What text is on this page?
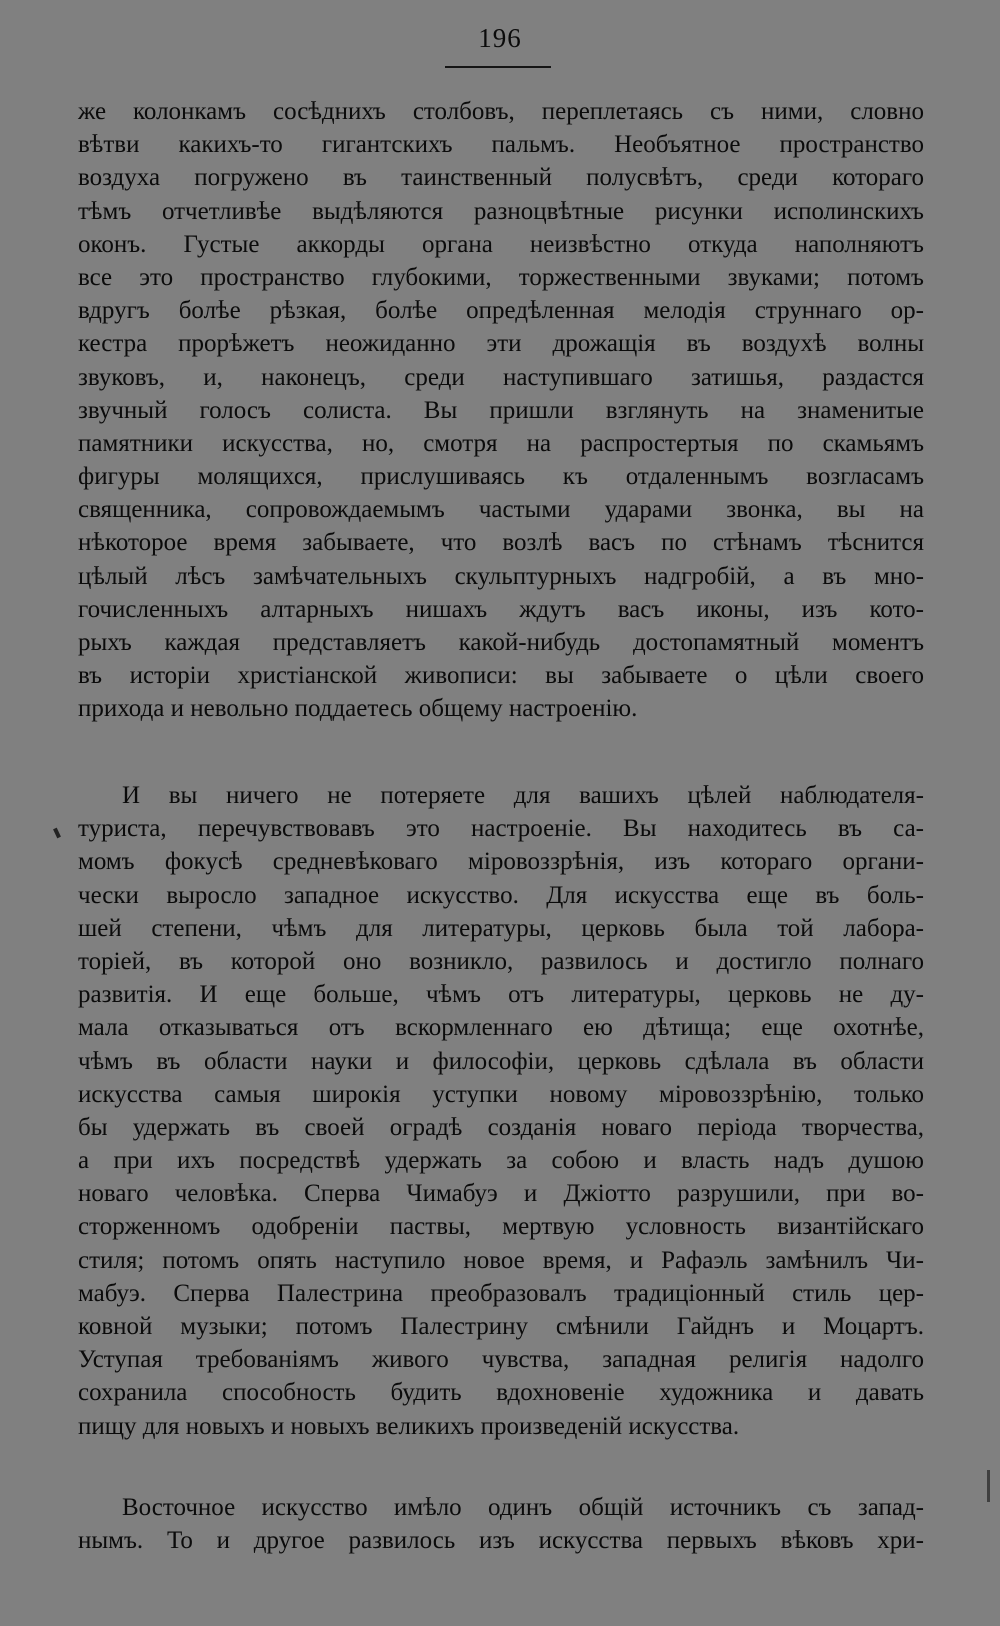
196
же колонкамъ сосѣднихъ столбовъ, переплетаясь съ ними, словно
вѣтви какихъ-то гигантскихъ пальмъ. Необъятное пространство
воздуха погружено въ таинственный полусвѣтъ, среди котораго
тѣмъ отчетливѣе выдѣляются разноцвѣтные рисунки исполинскихъ
оконъ. Густые аккорды органа неизвѣстно откуда наполняютъ
все это пространство глубокими, торжественными звуками; потомъ
вдругъ болѣе рѣзкая, болѣе опредѣленная мелодія струннаго ор-
кестра прорѣжетъ неожиданно эти дрожащія въ воздухѣ волны
звуковъ, и, наконецъ, среди наступившаго затишья, раздастся
звучный голосъ солиста. Вы пришли взглянуть на знаменитые
памятники искусства, но, смотря на распростертыя по скамьямъ
фигуры молящихся, прислушиваясь къ отдаленнымъ возгласамъ
священника, сопровождаемымъ частыми ударами звонка, вы на
нѣкоторое время забываете, что возлѣ васъ по стѣнамъ тѣснится
цѣлый лѣсъ замѣчательныхъ скульптурныхъ надгробій, а въ мно-
гочисленныхъ алтарныхъ нишахъ ждутъ васъ иконы, изъ кото-
рыхъ каждая представляетъ какой-нибудь достопамятный моментъ
въ исторіи христіанской живописи: вы забываете о цѣли своего
прихода и невольно поддаетесь общему настроенію.
И вы ничего не потеряете для вашихъ цѣлей наблюдателя-
туриста, перечувствовавъ это настроеніе. Вы находитесь въ са-
момъ фокусѣ средневѣковаго міровоззрѣнія, изъ котораго органи-
чески выросло западное искусство. Для искусства еще въ боль-
шей степени, чѣмъ для литературы, церковь была той лабора-
торіей, въ которой оно возникло, развилось и достигло полнаго
развитія. И еще больше, чѣмъ отъ литературы, церковь не ду-
мала отказываться отъ вскормленнаго ею дѣтища; еще охотнѣе,
чѣмъ въ области науки и философіи, церковь сдѣлала въ области
искусства самыя широкія уступки новому міровоззрѣнію, только
бы удержать въ своей оградѣ созданія новаго періода творчества,
а при ихъ посредствѣ удержать за собою и власть надъ душою
новаго человѣка. Сперва Чимабуэ и Джіотто разрушили, при во-
сторженномъ одобреніи паствы, мертвую условность византійскаго
стиля; потомъ опять наступило новое время, и Рафаэль замѣнилъ Чи-
мабуэ. Сперва Палестрина преобразовалъ традиціонный стиль цер-
ковной музыки; потомъ Палестрину смѣнили Гайднъ и Моцартъ.
Уступая требованіямъ живого чувства, западная религія надолго
сохранила способность будить вдохновеніе художника и давать
пищу для новыхъ и новыхъ великихъ произведеній искусства.
Восточное искусство имѣло одинъ общій источникъ съ запад-
нымъ. То и другое развилось изъ искусства первыхъ вѣковъ хри-
